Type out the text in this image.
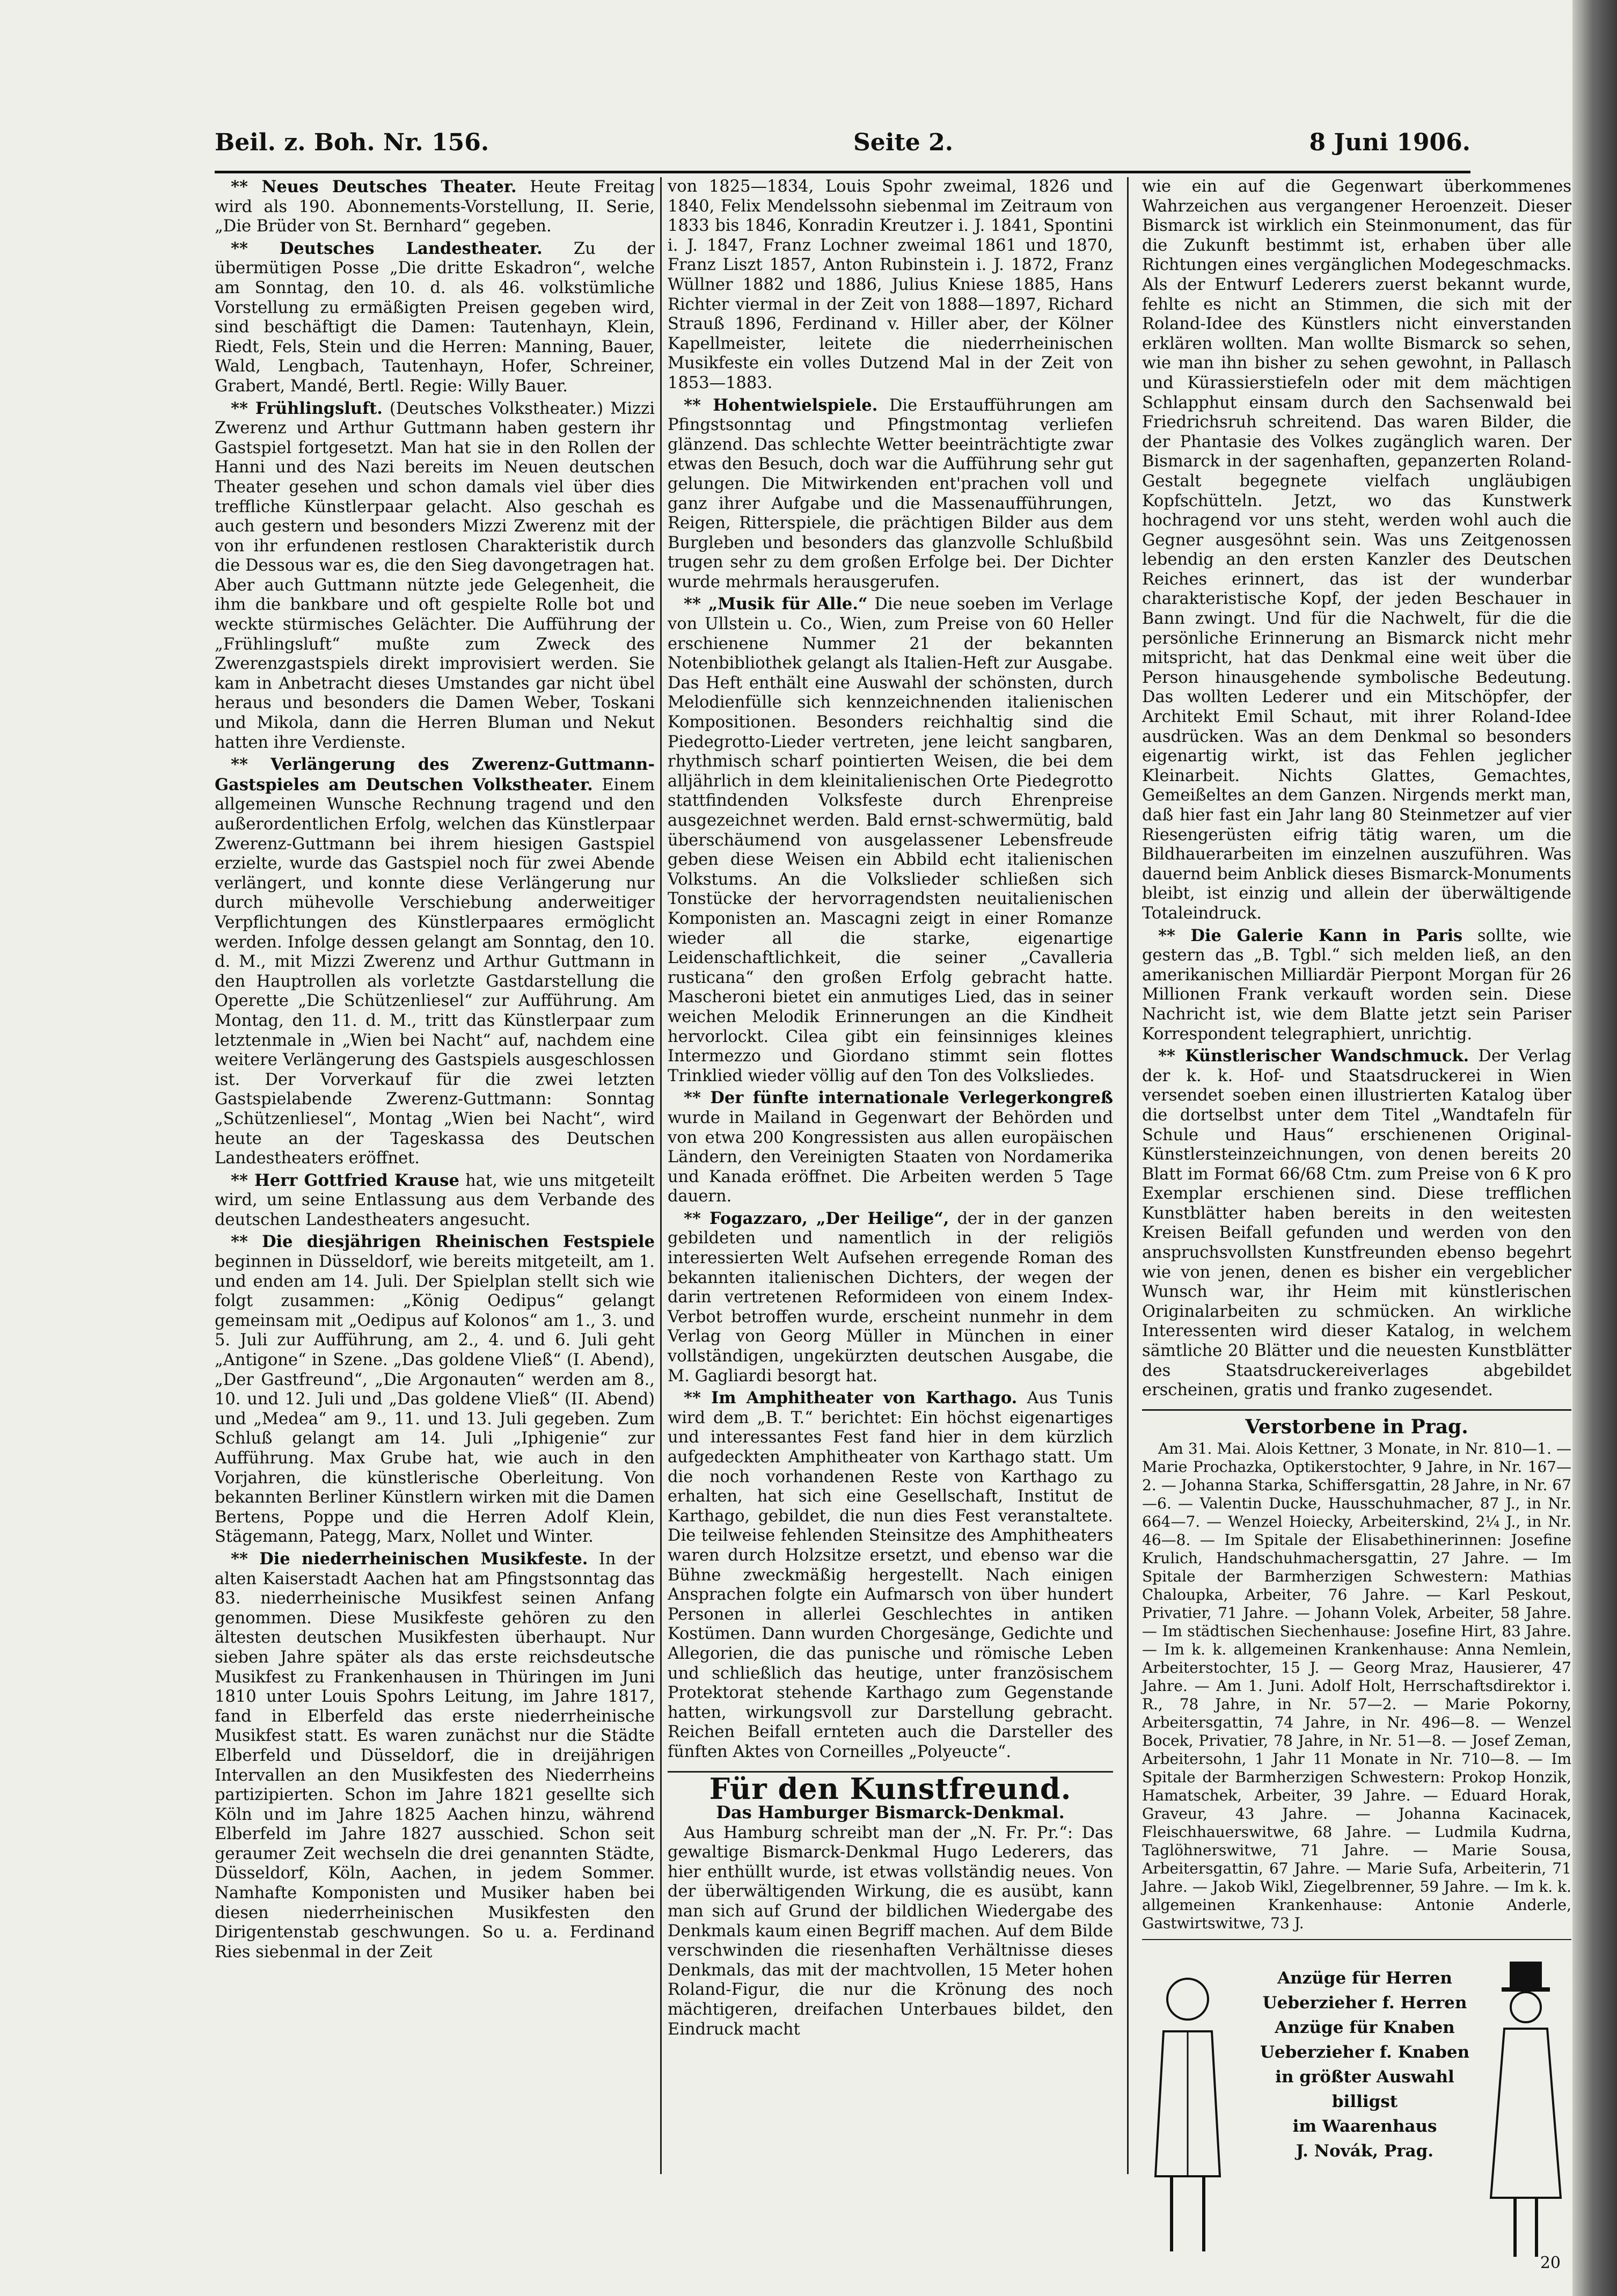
Beil. z. Boh. Nr. 156.	Seite 2.	8 Juni 1906.

** Neues Deutsches Theater. Heute Freitag wird als 190. Abonnements-Vorstellung, II. Serie, „Die Brüder von St. Bernhard“ gegeben.

** Deutsches Landestheater. Zu der übermütigen Posse „Die dritte Eskadron“, welche am Sonntag, den 10. d. als 46. volkstümliche Vorstellung zu ermäßigten Preisen gegeben wird, sind beschäftigt die Damen: Tautenhayn, Klein, Riedt, Fels, Stein und die Herren: Manning, Bauer, Wald, Lengbach, Tautenhayn, Hofer, Schreiner, Grabert, Mandé, Bertl. Regie: Willy Bauer.

** Frühlingsluft. (Deutsches Volkstheater.) Mizzi Zwerenz und Arthur Guttmann haben gestern ihr Gastspiel fortgesetzt. Man hat sie in den Rollen der Hanni und des Nazi bereits im Neuen deutschen Theater gesehen und schon damals viel über dies treffliche Künstlerpaar gelacht. Also geschah es auch gestern und besonders Mizzi Zwerenz mit der von ihr erfundenen restlosen Charakteristik durch die Dessous war es, die den Sieg davongetragen hat. Aber auch Guttmann nützte jede Gelegenheit, die ihm die bankbare und oft gespielte Rolle bot und weckte stürmisches Gelächter. Die Aufführung der „Frühlingsluft“ mußte zum Zweck des Zwerenzgastspiels direkt improvisiert werden. Sie kam in Anbetracht dieses Umstandes gar nicht übel heraus und besonders die Damen Weber, Toskani und Mikola, dann die Herren Bluman und Nekut hatten ihre Verdienste.

** Verlängerung des Zwerenz-Guttmann-Gastspieles am Deutschen Volkstheater. Einem allgemeinen Wunsche Rechnung tragend und den außerordentlichen Erfolg, welchen das Künstlerpaar Zwerenz-Guttmann bei ihrem hiesigen Gastspiel erzielte, wurde das Gastspiel noch für zwei Abende verlängert, und konnte diese Verlängerung nur durch mühevolle Verschiebung anderweitiger Verpflichtungen des Künstlerpaares ermöglicht werden. Infolge dessen gelangt am Sonntag, den 10. d. M., mit Mizzi Zwerenz und Arthur Guttmann in den Hauptrollen als vorletzte Gastdarstellung die Operette „Die Schützenliesel“ zur Aufführung. Am Montag, den 11. d. M., tritt das Künstlerpaar zum letztenmale in „Wien bei Nacht“ auf, nachdem eine weitere Verlängerung des Gastspiels ausgeschlossen ist. Der Vorverkauf für die zwei letzten Gastspielabende Zwerenz-Guttmann: Sonntag „Schützenliesel“, Montag „Wien bei Nacht“, wird heute an der Tageskassa des Deutschen Landestheaters eröffnet.

** Herr Gottfried Krause hat, wie uns mitgeteilt wird, um seine Entlassung aus dem Verbande des deutschen Landestheaters angesucht.

** Die diesjährigen Rheinischen Festspiele beginnen in Düsseldorf, wie bereits mitgeteilt, am 1. und enden am 14. Juli. Der Spielplan stellt sich wie folgt zusammen: „König Oedipus“ gelangt gemeinsam mit „Oedipus auf Kolonos“ am 1., 3. und 5. Juli zur Aufführung, am 2., 4. und 6. Juli geht „Antigone“ in Szene. „Das goldene Vließ“ (I. Abend), „Der Gastfreund“, „Die Argonauten“ werden am 8., 10. und 12. Juli und „Das goldene Vließ“ (II. Abend) und „Medea“ am 9., 11. und 13. Juli gegeben. Zum Schluß gelangt am 14. Juli „Iphigenie“ zur Aufführung. Max Grube hat, wie auch in den Vorjahren, die künstlerische Oberleitung. Von bekannten Berliner Künstlern wirken mit die Damen Bertens, Poppe und die Herren Adolf Klein, Stägemann, Pategg, Marx, Nollet und Winter.

** Die niederrheinischen Musikfeste. In der alten Kaiserstadt Aachen hat am Pfingstsonntag das 83. niederrheinische Musikfest seinen Anfang genommen. Diese Musikfeste gehören zu den ältesten deutschen Musikfesten überhaupt. Nur sieben Jahre später als das erste reichsdeutsche Musikfest zu Frankenhausen in Thüringen im Juni 1810 unter Louis Spohrs Leitung, im Jahre 1817, fand in Elberfeld das erste niederrheinische Musikfest statt. Es waren zunächst nur die Städte Elberfeld und Düsseldorf, die in dreijährigen Intervallen an den Musikfesten des Niederrheins partizipierten. Schon im Jahre 1821 gesellte sich Köln und im Jahre 1825 Aachen hinzu, während Elberfeld im Jahre 1827 ausschied. Schon seit geraumer Zeit wechseln die drei genannten Städte, Düsseldorf, Köln, Aachen, in jedem Sommer. Namhafte Komponisten und Musiker haben bei diesen niederrheinischen Musikfesten den Dirigentenstab geschwungen. So u. a. Ferdinand Ries siebenmal in der Zeit

von 1825—1834, Louis Spohr zweimal, 1826 und 1840, Felix Mendelssohn siebenmal im Zeitraum von 1833 bis 1846, Konradin Kreutzer i. J. 1841, Spontini i. J. 1847, Franz Lochner zweimal 1861 und 1870, Franz Liszt 1857, Anton Rubinstein i. J. 1872, Franz Wüllner 1882 und 1886, Julius Kniese 1885, Hans Richter viermal in der Zeit von 1888—1897, Richard Strauß 1896, Ferdinand v. Hiller aber, der Kölner Kapellmeister, leitete die niederrheinischen Musikfeste ein volles Dutzend Mal in der Zeit von 1853—1883.

** Hohentwielspiele. Die Erstaufführungen am Pfingstsonntag und Pfingstmontag verliefen glänzend. Das schlechte Wetter beeinträchtigte zwar etwas den Besuch, doch war die Aufführung sehr gut gelungen. Die Mitwirkenden ent'prachen voll und ganz ihrer Aufgabe und die Massenaufführungen, Reigen, Ritterspiele, die prächtigen Bilder aus dem Burgleben und besonders das glanzvolle Schlußbild trugen sehr zu dem großen Erfolge bei. Der Dichter wurde mehrmals herausgerufen.

** „Musik für Alle.“ Die neue soeben im Verlage von Ullstein u. Co., Wien, zum Preise von 60 Heller erschienene Nummer 21 der bekannten Notenbibliothek gelangt als Italien-Heft zur Ausgabe. Das Heft enthält eine Auswahl der schönsten, durch Melodienfülle sich kennzeichnenden italienischen Kompositionen. Besonders reichhaltig sind die Piedegrotto-Lieder vertreten, jene leicht sangbaren, rhythmisch scharf pointierten Weisen, die bei dem alljährlich in dem kleinitalienischen Orte Piedegrotto stattfindenden Volksfeste durch Ehrenpreise ausgezeichnet werden. Bald ernst-schwermütig, bald überschäumend von ausgelassener Lebensfreude geben diese Weisen ein Abbild echt italienischen Volkstums. An die Volkslieder schließen sich Tonstücke der hervorragendsten neuitalienischen Komponisten an. Mascagni zeigt in einer Romanze wieder all die starke, eigenartige Leidenschaftlichkeit, die seiner „Cavalleria rusticana“ den großen Erfolg gebracht hatte. Mascheroni bietet ein anmutiges Lied, das in seiner weichen Melodik Erinnerungen an die Kindheit hervorlockt. Cilea gibt ein feinsinniges kleines Intermezzo und Giordano stimmt sein flottes Trinklied wieder völlig auf den Ton des Volksliedes.

** Der fünfte internationale Verlegerkongreß wurde in Mailand in Gegenwart der Behörden und von etwa 200 Kongressisten aus allen europäischen Ländern, den Vereinigten Staaten von Nordamerika und Kanada eröffnet. Die Arbeiten werden 5 Tage dauern.

** Fogazzaro, „Der Heilige“, der in der ganzen gebildeten und namentlich in der religiös interessierten Welt Aufsehen erregende Roman des bekannten italienischen Dichters, der wegen der darin vertretenen Reformideen von einem Index-Verbot betroffen wurde, erscheint nunmehr in dem Verlag von Georg Müller in München in einer vollständigen, ungekürzten deutschen Ausgabe, die M. Gagliardi besorgt hat.

** Im Amphitheater von Karthago. Aus Tunis wird dem „B. T.“ berichtet: Ein höchst eigenartiges und interessantes Fest fand hier in dem kürzlich aufgedeckten Amphitheater von Karthago statt. Um die noch vorhandenen Reste von Karthago zu erhalten, hat sich eine Gesellschaft, Institut de Karthago, gebildet, die nun dies Fest veranstaltete. Die teilweise fehlenden Steinsitze des Amphitheaters waren durch Holzsitze ersetzt, und ebenso war die Bühne zweckmäßig hergestellt. Nach einigen Ansprachen folgte ein Aufmarsch von über hundert Personen in allerlei Geschlechtes in antiken Kostümen. Dann wurden Chorgesänge, Gedichte und Allegorien, die das punische und römische Leben und schließlich das heutige, unter französischem Protektorat stehende Karthago zum Gegenstande hatten, wirkungsvoll zur Darstellung gebracht. Reichen Beifall ernteten auch die Darsteller des fünften Aktes von Corneilles „Polyeucte“.

Für den Kunstfreund.
Das Hamburger Bismarck-Denkmal.

Aus Hamburg schreibt man der „N. Fr. Pr.“: Das gewaltige Bismarck-Denkmal Hugo Lederers, das hier enthüllt wurde, ist etwas vollständig neues. Von der überwältigenden Wirkung, die es ausübt, kann man sich auf Grund der bildlichen Wiedergabe des Denkmals kaum einen Begriff machen. Auf dem Bilde verschwinden die riesenhaften Verhältnisse dieses Denkmals, das mit der machtvollen, 15 Meter hohen Roland-Figur, die nur die Krönung des noch mächtigeren, dreifachen Unterbaues bildet, den Eindruck macht

wie ein auf die Gegenwart überkommenes Wahrzeichen aus vergangener Heroenzeit. Dieser Bismarck ist wirklich ein Steinmonument, das für die Zukunft bestimmt ist, erhaben über alle Richtungen eines vergänglichen Modegeschmacks. Als der Entwurf Lederers zuerst bekannt wurde, fehlte es nicht an Stimmen, die sich mit der Roland-Idee des Künstlers nicht einverstanden erklären wollten. Man wollte Bismarck so sehen, wie man ihn bisher zu sehen gewohnt, in Pallasch und Kürassierstiefeln oder mit dem mächtigen Schlapphut einsam durch den Sachsenwald bei Friedrichsruh schreitend. Das waren Bilder, die der Phantasie des Volkes zugänglich waren. Der Bismarck in der sagenhaften, gepanzerten Roland-Gestalt begegnete vielfach ungläubigen Kopfschütteln. Jetzt, wo das Kunstwerk hochragend vor uns steht, werden wohl auch die Gegner ausgesöhnt sein. Was uns Zeitgenossen lebendig an den ersten Kanzler des Deutschen Reiches erinnert, das ist der wunderbar charakteristische Kopf, der jeden Beschauer in Bann zwingt. Und für die Nachwelt, für die die persönliche Erinnerung an Bismarck nicht mehr mitspricht, hat das Denkmal eine weit über die Person hinausgehende symbolische Bedeutung. Das wollten Lederer und ein Mitschöpfer, der Architekt Emil Schaut, mit ihrer Roland-Idee ausdrücken. Was an dem Denkmal so besonders eigenartig wirkt, ist das Fehlen jeglicher Kleinarbeit. Nichts Glattes, Gemachtes, Gemeißeltes an dem Ganzen. Nirgends merkt man, daß hier fast ein Jahr lang 80 Steinmetzer auf vier Riesengerüsten eifrig tätig waren, um die Bildhauerarbeiten im einzelnen auszuführen. Was dauernd beim Anblick dieses Bismarck-Monuments bleibt, ist einzig und allein der überwältigende Totaleindruck.

** Die Galerie Kann in Paris sollte, wie gestern das „B. Tgbl.“ sich melden ließ, an den amerikanischen Milliardär Pierpont Morgan für 26 Millionen Frank verkauft worden sein. Diese Nachricht ist, wie dem Blatte jetzt sein Pariser Korrespondent telegraphiert, unrichtig.

** Künstlerischer Wandschmuck. Der Verlag der k. k. Hof- und Staatsdruckerei in Wien versendet soeben einen illustrierten Katalog über die dortselbst unter dem Titel „Wandtafeln für Schule und Haus“ erschienenen Original-Künstlersteinzeichnungen, von denen bereits 20 Blatt im Format 66/68 Ctm. zum Preise von 6 K pro Exemplar erschienen sind. Diese trefflichen Kunstblätter haben bereits in den weitesten Kreisen Beifall gefunden und werden von den anspruchsvollsten Kunstfreunden ebenso begehrt wie von jenen, denen es bisher ein vergeblicher Wunsch war, ihr Heim mit künstlerischen Originalarbeiten zu schmücken. An wirkliche Interessenten wird dieser Katalog, in welchem sämtliche 20 Blätter und die neuesten Kunstblätter des Staatsdruckereiverlages abgebildet erscheinen, gratis und franko zugesendet.

Verstorbene in Prag.

Am 31. Mai. Alois Kettner, 3 Monate, in Nr. 810—1. — Marie Prochazka, Optikerstochter, 9 Jahre, in Nr. 167—2. — Johanna Starka, Schiffersgattin, 28 Jahre, in Nr. 67—6. — Valentin Ducke, Hausschuhmacher, 87 J., in Nr. 664—7. — Wenzel Hoiecky, Arbeiterskind, 2¼ J., in Nr. 46—8. — Im Spitale der Elisabethinerinnen: Josefine Krulich, Handschuhmachersgattin, 27 Jahre. — Im Spitale der Barmherzigen Schwestern: Mathias Chaloupka, Arbeiter, 76 Jahre. — Karl Peskout, Privatier, 71 Jahre. — Johann Volek, Arbeiter, 58 Jahre. — Im städtischen Siechenhause: Josefine Hirt, 83 Jahre. — Im k. k. allgemeinen Krankenhause: Anna Nemlein, Arbeiterstochter, 15 J. — Georg Mraz, Hausierer, 47 Jahre. — Am 1. Juni. Adolf Holt, Herrschaftsdirektor i. R., 78 Jahre, in Nr. 57—2. — Marie Pokorny, Arbeitersgattin, 74 Jahre, in Nr. 496—8. — Wenzel Bocek, Privatier, 78 Jahre, in Nr. 51—8. — Josef Zeman, Arbeitersohn, 1 Jahr 11 Monate in Nr. 710—8. — Im Spitale der Barmherzigen Schwestern: Prokop Honzik, Hamatschek, Arbeiter, 39 Jahre. — Eduard Horak, Graveur, 43 Jahre. — Johanna Kacinacek, Fleischhauerswitwe, 68 Jahre. — Ludmila Kudrna, Taglöhnerswitwe, 71 Jahre. — Marie Sousa, Arbeitersgattin, 67 Jahre. — Marie Sufa, Arbeiterin, 71 Jahre. — Jakob Wikl, Ziegelbrenner, 59 Jahre. — Im k. k. allgemeinen Krankenhause: Antonie Anderle, Gastwirtswitwe, 73 J.

Anzüge für Herren
Ueberzieher f. Herren
Anzüge für Knaben
Ueberzieher f. Knaben
in größter Auswahl
billigst
im Waarenhaus
J. Novák, Prag.
20
